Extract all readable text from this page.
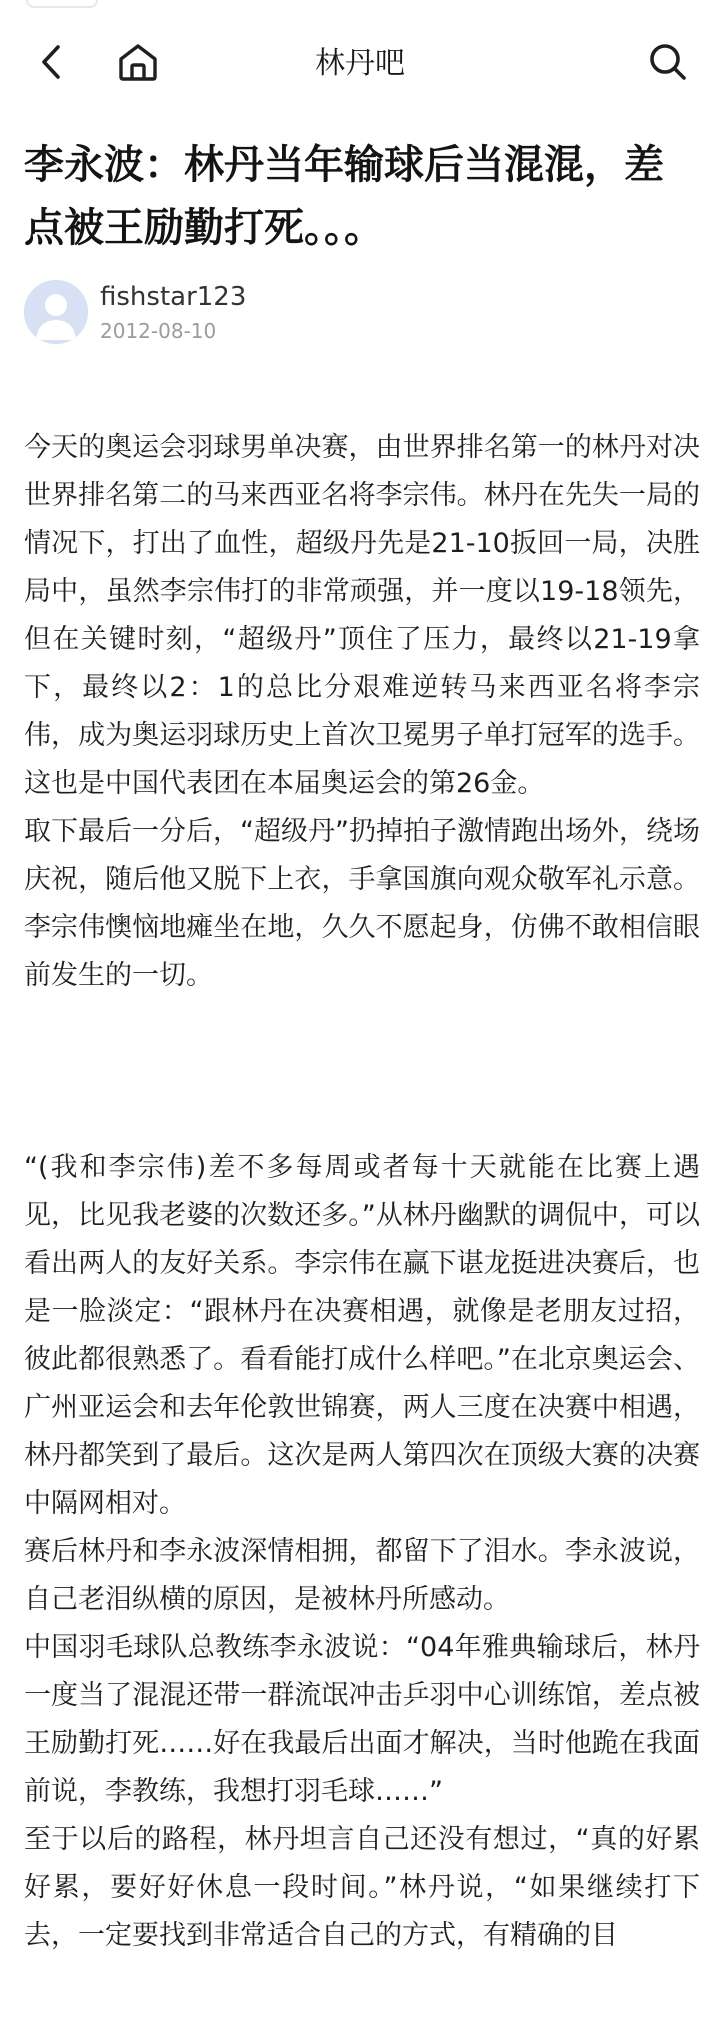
林丹吧
李永波：林丹当年输球后当混混，差点被王励勤打死。。。
fishstar123
2012-08-10

今天的奥运会羽球男单决赛，由世界排名第一的林丹对决世界排名第二的马来西亚名将李宗伟。林丹在先失一局的情况下，打出了血性，超级丹先是21-10扳回一局，决胜局中，虽然李宗伟打的非常顽强，并一度以19-18领先，但在关键时刻，“超级丹”顶住了压力，最终以21-19拿下，最终以2：1的总比分艰难逆转马来西亚名将李宗伟，成为奥运羽球历史上首次卫冕男子单打冠军的选手。这也是中国代表团在本届奥运会的第26金。

取下最后一分后，“超级丹”扔掉拍子激情跑出场外，绕场庆祝，随后他又脱下上衣，手拿国旗向观众敬军礼示意。李宗伟懊恼地瘫坐在地，久久不愿起身，仿佛不敢相信眼前发生的一切。

“(我和李宗伟)差不多每周或者每十天就能在比赛上遇见，比见我老婆的次数还多。”从林丹幽默的调侃中，可以看出两人的友好关系。李宗伟在赢下谌龙挺进决赛后，也是一脸淡定：“跟林丹在决赛相遇，就像是老朋友过招，彼此都很熟悉了。看看能打成什么样吧。”在北京奥运会、广州亚运会和去年伦敦世锦赛，两人三度在决赛中相遇，林丹都笑到了最后。这次是两人第四次在顶级大赛的决赛中隔网相对。

赛后林丹和李永波深情相拥，都留下了泪水。李永波说，自己老泪纵横的原因，是被林丹所感动。

中国羽毛球队总教练李永波说：“04年雅典输球后，林丹一度当了混混还带一群流氓冲击乒羽中心训练馆，差点被王励勤打死……好在我最后出面才解决，当时他跪在我面前说，李教练，我想打羽毛球……”

至于以后的路程，林丹坦言自己还没有想过，“真的好累好累，要好好休息一段时间。”林丹说，“如果继续打下去，一定要找到非常适合自己的方式，有精确的目
